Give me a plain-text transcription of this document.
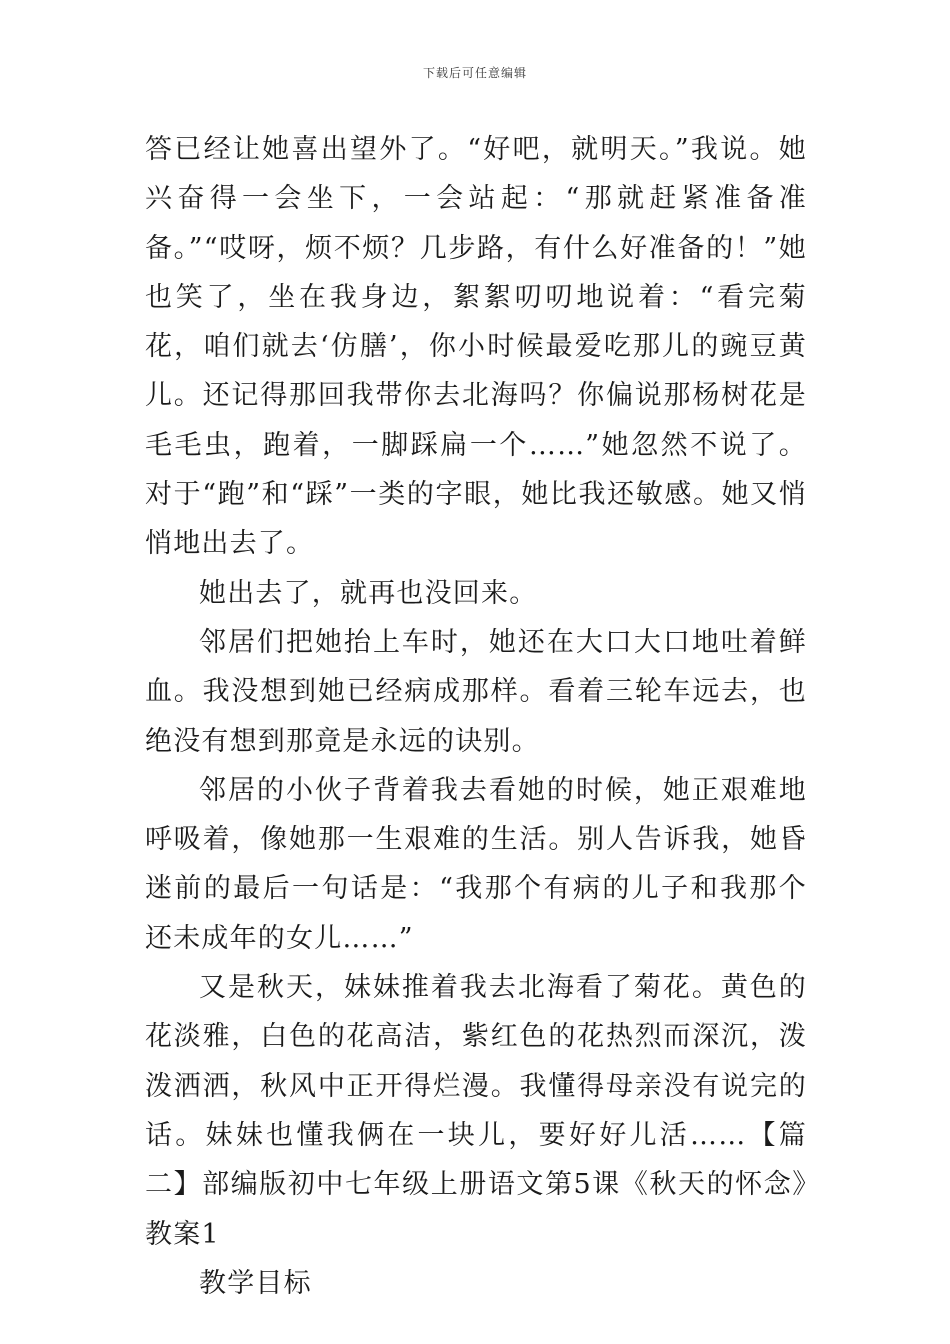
下载后可任意编辑

答已经让她喜出望外了。“好吧，就明天。”我说。她兴奋得一会坐下，一会站起：“那就赶紧准备准备。”“哎呀，烦不烦？几步路，有什么好准备的！”她也笑了，坐在我身边，絮絮叨叨地说着：“看完菊花，咱们就去‘仿膳’，你小时候最爱吃那儿的豌豆黄儿。还记得那回我带你去北海吗？你偏说那杨树花是毛毛虫，跑着，一脚踩扁一个……”她忽然不说了。对于“跑”和“踩”一类的字眼，她比我还敏感。她又悄悄地出去了。

她出去了，就再也没回来。

邻居们把她抬上车时，她还在大口大口地吐着鲜血。我没想到她已经病成那样。看着三轮车远去，也绝没有想到那竟是永远的诀别。

邻居的小伙子背着我去看她的时候，她正艰难地呼吸着，像她那一生艰难的生活。别人告诉我，她昏迷前的最后一句话是：“我那个有病的儿子和我那个还未成年的女儿……”

又是秋天，妹妹推着我去北海看了菊花。黄色的花淡雅，白色的花高洁，紫红色的花热烈而深沉，泼泼洒洒，秋风中正开得烂漫。我懂得母亲没有说完的话。妹妹也懂我俩在一块儿，要好好儿活……【篇二】部编版初中七年级上册语文第5课《秋天的怀念》教案1

教学目标
